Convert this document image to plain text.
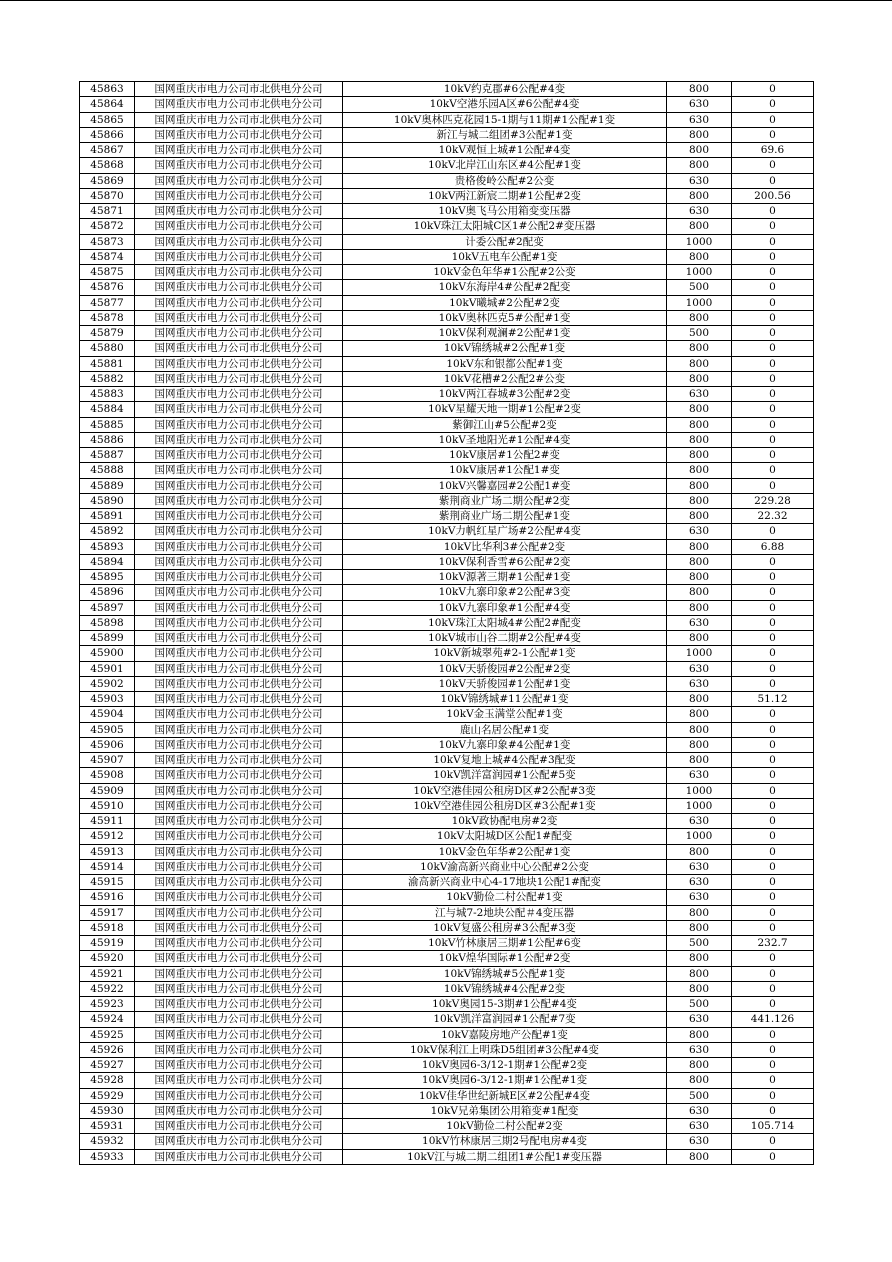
45863	国网重庆市电力公司市北供电分公司	10kV约克郡#6公配#4变	800	0
45864	国网重庆市电力公司市北供电分公司	10kV空港乐园A区#6公配#4变	630	0
45865	国网重庆市电力公司市北供电分公司	10kV奥林匹克花园15-1期与11期#1公配#1变	630	0
45866	国网重庆市电力公司市北供电分公司	新江与城二组团#3公配#1变	800	0
45867	国网重庆市电力公司市北供电分公司	10kV观恒上城#1公配#4变	800	69.6
45868	国网重庆市电力公司市北供电分公司	10kV北岸江山东区#4公配#1变	800	0
45869	国网重庆市电力公司市北供电分公司	贵格俊岭公配#2公变	630	0
45870	国网重庆市电力公司市北供电分公司	10kV两江新宸二期#1公配#2变	800	200.56
45871	国网重庆市电力公司市北供电分公司	10kV奥飞马公用箱变变压器	630	0
45872	国网重庆市电力公司市北供电分公司	10kV珠江太阳城C区1#公配2#变压器	800	0
45873	国网重庆市电力公司市北供电分公司	计委公配#2配变	1000	0
45874	国网重庆市电力公司市北供电分公司	10kV五电车公配#1变	800	0
45875	国网重庆市电力公司市北供电分公司	10kV金色年华#1公配#2公变	1000	0
45876	国网重庆市电力公司市北供电分公司	10kV东海岸4#公配#2配变	500	0
45877	国网重庆市电力公司市北供电分公司	10kV曦城#2公配#2变	1000	0
45878	国网重庆市电力公司市北供电分公司	10kV奥林匹克5#公配#1变	800	0
45879	国网重庆市电力公司市北供电分公司	10kV保利观澜#2公配#1变	500	0
45880	国网重庆市电力公司市北供电分公司	10kV锦绣城#2公配#1变	800	0
45881	国网重庆市电力公司市北供电分公司	10kV东和银都公配#1变	800	0
45882	国网重庆市电力公司市北供电分公司	10kV花槽#2公配2#公变	800	0
45883	国网重庆市电力公司市北供电分公司	10kV两江春城#3公配#2变	630	0
45884	国网重庆市电力公司市北供电分公司	10kV星耀天地一期#1公配#2变	800	0
45885	国网重庆市电力公司市北供电分公司	紫御江山#5公配#2变	800	0
45886	国网重庆市电力公司市北供电分公司	10kV圣地阳光#1公配#4变	800	0
45887	国网重庆市电力公司市北供电分公司	10kV康居#1公配2#变	800	0
45888	国网重庆市电力公司市北供电分公司	10kV康居#1公配1#变	800	0
45889	国网重庆市电力公司市北供电分公司	10kV兴馨嘉园#2公配1#变	800	0
45890	国网重庆市电力公司市北供电分公司	紫荆商业广场二期公配#2变	800	229.28
45891	国网重庆市电力公司市北供电分公司	紫荆商业广场二期公配#1变	800	22.32
45892	国网重庆市电力公司市北供电分公司	10kV力帆红星广场#2公配#4变	630	0
45893	国网重庆市电力公司市北供电分公司	10kV比华利3#公配#2变	800	6.88
45894	国网重庆市电力公司市北供电分公司	10kV保利香雪#6公配#2变	800	0
45895	国网重庆市电力公司市北供电分公司	10kV源著三期#1公配#1变	800	0
45896	国网重庆市电力公司市北供电分公司	10kV九寨印象#2公配#3变	800	0
45897	国网重庆市电力公司市北供电分公司	10kV九寨印象#1公配#4变	800	0
45898	国网重庆市电力公司市北供电分公司	10kV珠江太阳城4#公配2#配变	630	0
45899	国网重庆市电力公司市北供电分公司	10kV城市山谷二期#2公配#4变	800	0
45900	国网重庆市电力公司市北供电分公司	10kV新城翠苑#2-1公配#1变	1000	0
45901	国网重庆市电力公司市北供电分公司	10kV天骄俊园#2公配#2变	630	0
45902	国网重庆市电力公司市北供电分公司	10kV天骄俊园#1公配#1变	630	0
45903	国网重庆市电力公司市北供电分公司	10kV锦绣城#11公配#1变	800	51.12
45904	国网重庆市电力公司市北供电分公司	10kV金玉满堂公配#1变	800	0
45905	国网重庆市电力公司市北供电分公司	鹿山名居公配#1变	800	0
45906	国网重庆市电力公司市北供电分公司	10kV九寨印象#4公配#1变	800	0
45907	国网重庆市电力公司市北供电分公司	10kV复地上城#4公配#3配变	800	0
45908	国网重庆市电力公司市北供电分公司	10kV凯洋富润园#1公配#5变	630	0
45909	国网重庆市电力公司市北供电分公司	10kV空港佳园公租房D区#2公配#3变	1000	0
45910	国网重庆市电力公司市北供电分公司	10kV空港佳园公租房D区#3公配#1变	1000	0
45911	国网重庆市电力公司市北供电分公司	10kV政协配电房#2变	630	0
45912	国网重庆市电力公司市北供电分公司	10kV太阳城D区公配1#配变	1000	0
45913	国网重庆市电力公司市北供电分公司	10kV金色年华#2公配#1变	800	0
45914	国网重庆市电力公司市北供电分公司	10kV渝高新兴商业中心公配#2公变	630	0
45915	国网重庆市电力公司市北供电分公司	渝高新兴商业中心4-17地块1公配1#配变	630	0
45916	国网重庆市电力公司市北供电分公司	10kV勤俭二村公配#1变	630	0
45917	国网重庆市电力公司市北供电分公司	江与城7-2地块公配＃4变压器	800	0
45918	国网重庆市电力公司市北供电分公司	10kV复盛公租房#3公配#3变	800	0
45919	国网重庆市电力公司市北供电分公司	10kV竹林康居三期#1公配#6变	500	232.7
45920	国网重庆市电力公司市北供电分公司	10kV煌华国际#1公配#2变	800	0
45921	国网重庆市电力公司市北供电分公司	10kV锦绣城#5公配#1变	800	0
45922	国网重庆市电力公司市北供电分公司	10kV锦绣城#4公配#2变	800	0
45923	国网重庆市电力公司市北供电分公司	10kV奥园15-3期#1公配#4变	500	0
45924	国网重庆市电力公司市北供电分公司	10kV凯洋富润园#1公配#7变	630	441.126
45925	国网重庆市电力公司市北供电分公司	10kV嘉陵房地产公配#1变	800	0
45926	国网重庆市电力公司市北供电分公司	10kV保利江上明珠D5组团#3公配#4变	630	0
45927	国网重庆市电力公司市北供电分公司	10kV奥园6-3/12-1期#1公配#2变	800	0
45928	国网重庆市电力公司市北供电分公司	10kV奥园6-3/12-1期#1公配#1变	800	0
45929	国网重庆市电力公司市北供电分公司	10kV佳华世纪新城E区#2公配#4变	500	0
45930	国网重庆市电力公司市北供电分公司	10kV兄弟集团公用箱变#1配变	630	0
45931	国网重庆市电力公司市北供电分公司	10kV勤俭二村公配#2变	630	105.714
45932	国网重庆市电力公司市北供电分公司	10kV竹林康居三期2号配电房#4变	630	0
45933	国网重庆市电力公司市北供电分公司	10kV江与城二期二组团1#公配1#变压器	800	0
